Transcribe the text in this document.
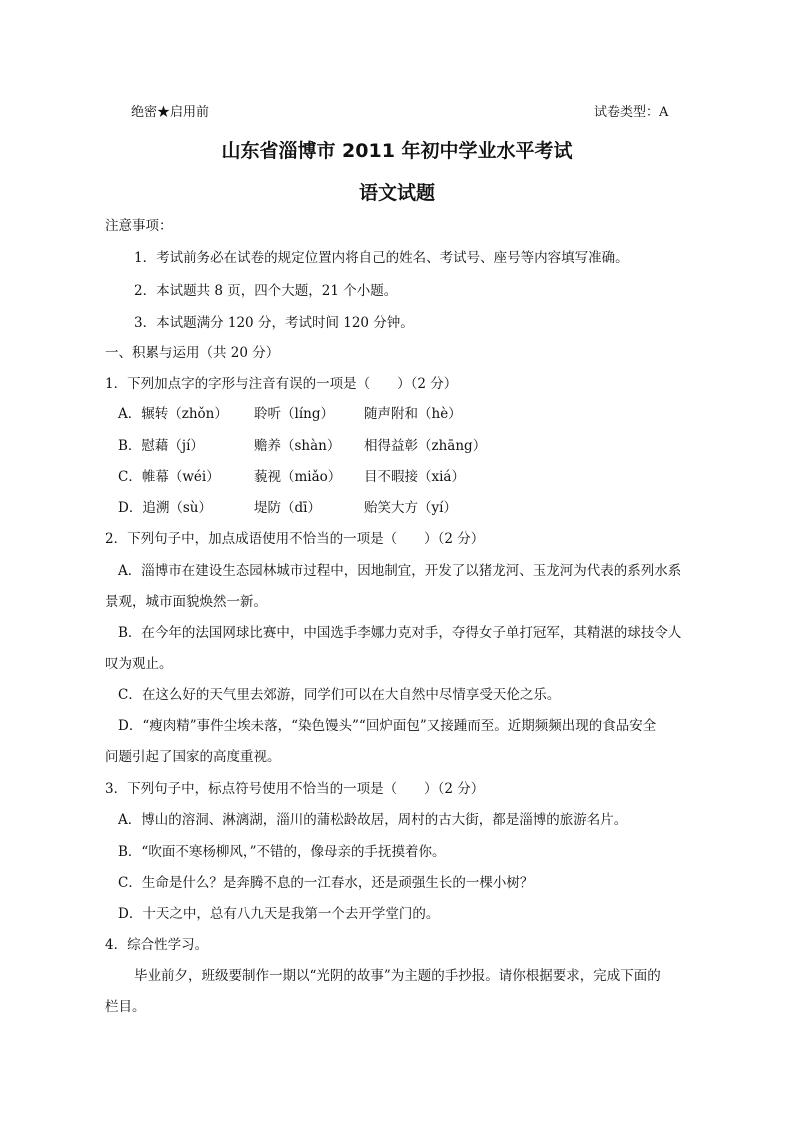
绝密★启用前	试卷类型：A
山东省淄博市 2011 年初中学业水平考试
语文试题
注意事项：
1．考试前务必在试卷的规定位置内将自己的姓名、考试号、座号等内容填写准确。
2．本试题共 8 页，四个大题，21 个小题。
3．本试题满分 120 分，考试时间 120 分钟。
一、积累与运用（共 20 分）
1．下列加点字的字形与注音有误的一项是（　　）（2 分）
A．辗转（zhǒn） 聆听（líng） 随声附和（hè）
B．慰藉（jí）	赡养（shàn） 相得益彰（zhāng）
C．帷幕（wéi）	藐视（miǎo） 目不暇接（xiá）
D．追溯（sù）	堤防（dī）	贻笑大方（yí）
2．下列句子中，加点成语使用不恰当的一项是（　　）（2 分）
A．淄博市在建设生态园林城市过程中，因地制宜，开发了以猪龙河、玉龙河为代表的系列水系
景观，城市面貌焕然一新。
B．在今年的法国网球比赛中，中国选手李娜力克对手，夺得女子单打冠军，其精湛的球技令人
叹为观止。
C．在这么好的天气里去郊游，同学们可以在大自然中尽情享受天伦之乐。
D．“瘦肉精”事件尘埃未落，“染色馒头”“回炉面包”又接踵而至。近期频频出现的食品安全
问题引起了国家的高度重视。
3．下列句子中，标点符号使用不恰当的一项是（　　）（2 分）
A．博山的溶洞、淋漓湖，淄川的蒲松龄故居，周村的古大街，都是淄博的旅游名片。
B．“吹面不寒杨柳风，”不错的，像母亲的手抚摸着你。
C．生命是什么？是奔腾不息的一江春水，还是顽强生长的一棵小树？
D．十天之中，总有八九天是我第一个去开学堂门的。
4．综合性学习。
毕业前夕，班级要制作一期以“光阴的故事”为主题的手抄报。请你根据要求，完成下面的
栏目。
